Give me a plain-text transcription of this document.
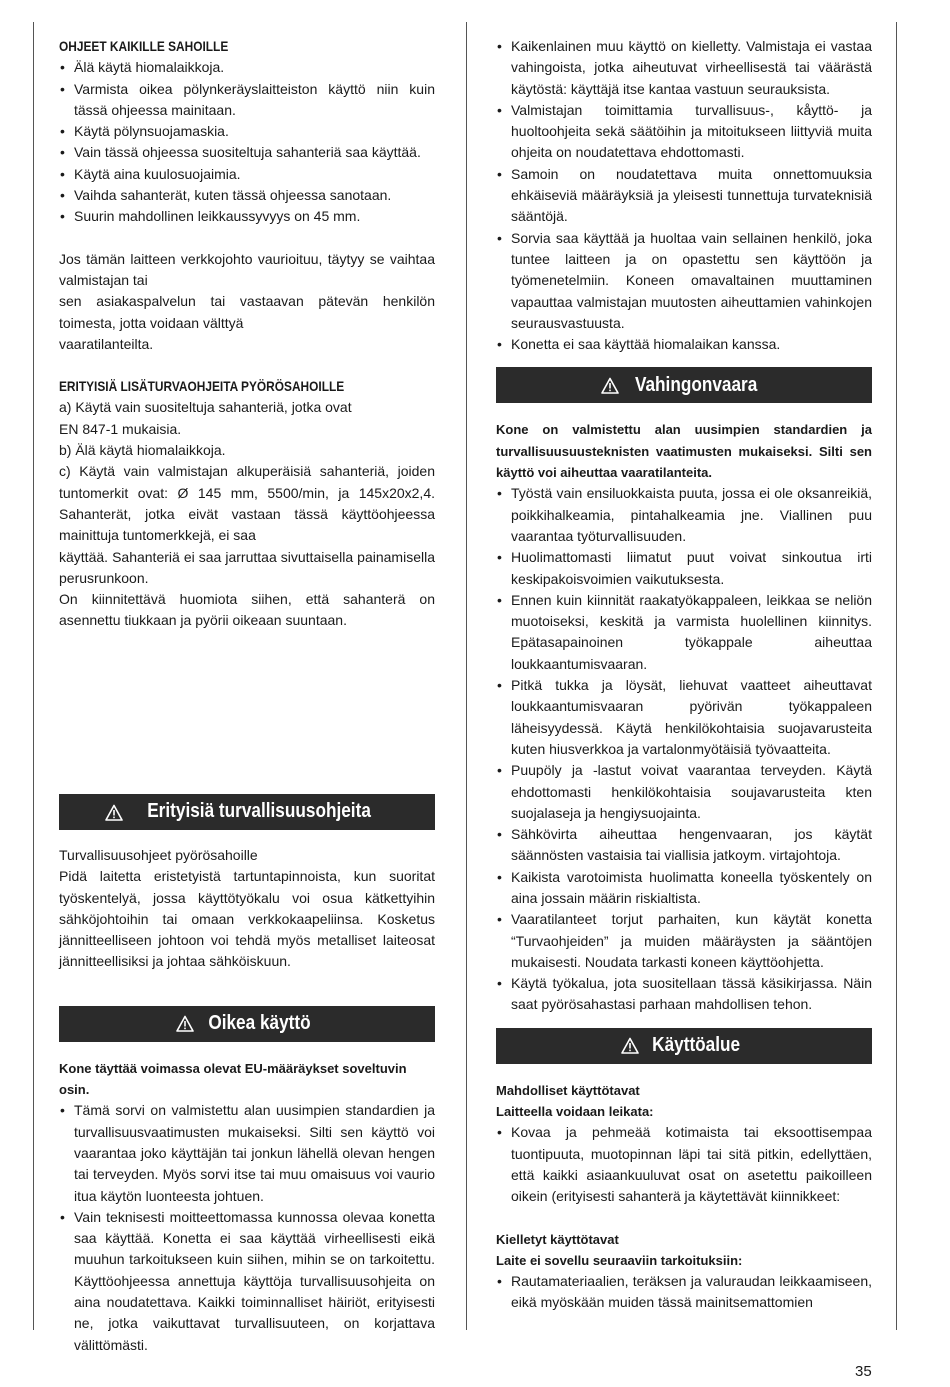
OHJEET KAIKILLE SAHOILLE
• Älä käytä hiomalaikkoja.
• Varmista oikea pölynkeräyslaitteiston käyttö niin kuin tässä ohjeessa mainitaan.
• Käytä pölynsuojamaskia.
• Vain tässä ohjeessa suositeltuja sahanteriä saa käyttää.
• Käytä aina kuulosuojaimia.
• Vaihda sahanterät, kuten tässä ohjeessa sanotaan.
• Suurin mahdollinen leikkaussyvyys on 45 mm.

Jos tämän laitteen verkkojohto vaurioituu, täytyy se vaihtaa valmistajan tai

sen asiakaspalvelun tai vastaavan pätevän henkilön toimesta, jotta voidaan välttyä

vaaratilanteilta.

ERITYISIÄ LISÄTURVAOHJEITA PYÖRÖSAHOILLE

a) Käytä vain suositeltuja sahanteriä, jotka ovat

EN 847-1 mukaisia.

b) Älä käytä hiomalaikkoja.

c) Käytä vain valmistajan alkuperäisiä sahanteriä, joiden tuntomerkit ovat: Ø 145 mm, 5500/min, ja 145x20x2,4. Sahanterät, jotka eivät vastaan tässä käyttöohjeessa mainittuja tuntomerkkejä, ei saa

käyttää. Sahanteriä ei saa jarruttaa sivuttaisella painamisella perusrunkoon.

On kiinnitettävä huomiota siihen, että sahanterä on asennettu tiukkaan ja pyörii oikeaan suuntaan.

Erityisiä turvallisuusohjeita

Turvallisuusohjeet pyörösahoille

Pidä laitetta eristetyistä tartuntapinnoista, kun suoritat työskentelyä, jossa käyttötyökalu voi osua kätkettyihin sähköjohtoihin tai omaan verkkokaapeliinsa. Kosketus jännitteelliseen johtoon voi tehdä myös metalliset laiteosat jännitteellisiksi ja johtaa sähköiskuun.

Oikea käyttö

Kone täyttää voimassa olevat EU-määräykset soveltuvin osin.

• Tämä sorvi on valmistettu alan uusimpien standardien ja turvallisuusvaatimusten mukaiseksi. Silti sen käyttö voi vaarantaa joko käyttäjän tai jonkun lähellä olevan hengen tai terveyden. Myös sorvi itse tai muu omaisuus voi vaurio itua käytön luonteesta johtuen.
• Vain teknisesti moitteettomassa kunnossa olevaa konetta saa käyttää. Konetta ei saa käyttää virheellisesti eikä muuhun tarkoitukseen kuin siihen, mihin se on tarkoitettu. Käyttöohjeessa annettuja käyttöja turvallisuusohjeita on aina noudatettava. Kaikki toiminnalliset häiriöt, erityisesti ne, jotka vaikuttavat turvallisuuteen, on korjattava välittömästi.
• Kaikenlainen muu käyttö on kielletty. Valmistaja ei vastaa vahingoista, jotka aiheutuvat virheellisestä tai väärästä käytöstä: käyttäjä itse kantaa vastuun seurauksista.
• Valmistajan toimittamia turvallisuus-, kåyttö- ja huoltoohjeita sekä säätöihin ja mitoitukseen liittyviä muita ohjeita on noudatettava ehdottomasti.
• Samoin on noudatettava muita onnettomuuksia ehkäiseviä määräyksiä ja yleisesti tunnettuja turvateknisiä sääntöjä.
• Sorvia saa käyttää ja huoltaa vain sellainen henkilö, joka tuntee laitteen ja on opastettu sen käyttöön ja työmenetelmiin. Koneen omavaltainen muuttaminen vapauttaa valmistajan muutosten aiheuttamien vahinkojen seurausvastuusta.
• Konetta ei saa käyttää hiomalaikan kanssa.
Vahingonvaara

Kone on valmistettu alan uusimpien standardien ja turvallisuusuusteknisten vaatimusten mukaiseksi. Silti sen käyttö voi aiheuttaa vaaratilanteita.

• Työstä vain ensiluokkaista puuta, jossa ei ole oksanreikiä, poikkihalkeamia, pintahalkeamia jne. Viallinen puu vaarantaa työturvallisuuden.
• Huolimattomasti liimatut puut voivat sinkoutua irti keskipakoisvoimien vaikutuksesta.
• Ennen kuin kiinnität raakatyökappaleen, leikkaa se neliön muotoiseksi, keskitä ja varmista huolellinen kiinnitys. Epätasapainoinen työkappale aiheuttaa loukkaantumisvaaran.
• Pitkä tukka ja löysät, liehuvat vaatteet aiheuttavat loukkaantumisvaaran pyörivän työkappaleen läheisyydessä. Käytä henkilökohtaisia suojavarusteita kuten hiusverkkoa ja vartalonmyötäisiä työvaatteita.
• Puupöly ja -lastut voivat vaarantaa terveyden. Käytä ehdottomasti henkilökohtaisia soujavarusteita kten suojalaseja ja hengiysuojainta.
• Sähkövirta aiheuttaa hengenvaaran, jos käytät säännösten vastaisia tai viallisia jatkoym. virtajohtoja.
• Kaikista varotoimista huolimatta koneella työskentely on aina jossain määrin riskialtista.
• Vaaratilanteet torjut parhaiten, kun käytät konetta “Turvaohjeiden” ja muiden määräysten ja sääntöjen mukaisesti. Noudata tarkasti koneen käyttöohjetta.
• Käytä työkalua, jota suositellaan tässä käsikirjassa. Näin saat pyörösahastasi parhaan mahdollisen tehon.
Käyttöalue

Mahdolliset käyttötavat

Laitteella voidaan leikata:

• Kovaa ja pehmeää kotimaista tai eksoottisempaa tuontipuuta, muotopinnan läpi tai sitä pitkin, edellyttäen, että kaikki asiaankuuluvat osat on asetettu paikoilleen oikein (erityisesti sahanterä ja käytettävät kiinnikkeet:

Kielletyt käyttötavat

Laite ei sovellu seuraaviin tarkoituksiin:

• Rautamateriaalien, teräksen ja valuraudan leikkaamiseen, eikä myöskään muiden tässä mainitsemattomien
35
